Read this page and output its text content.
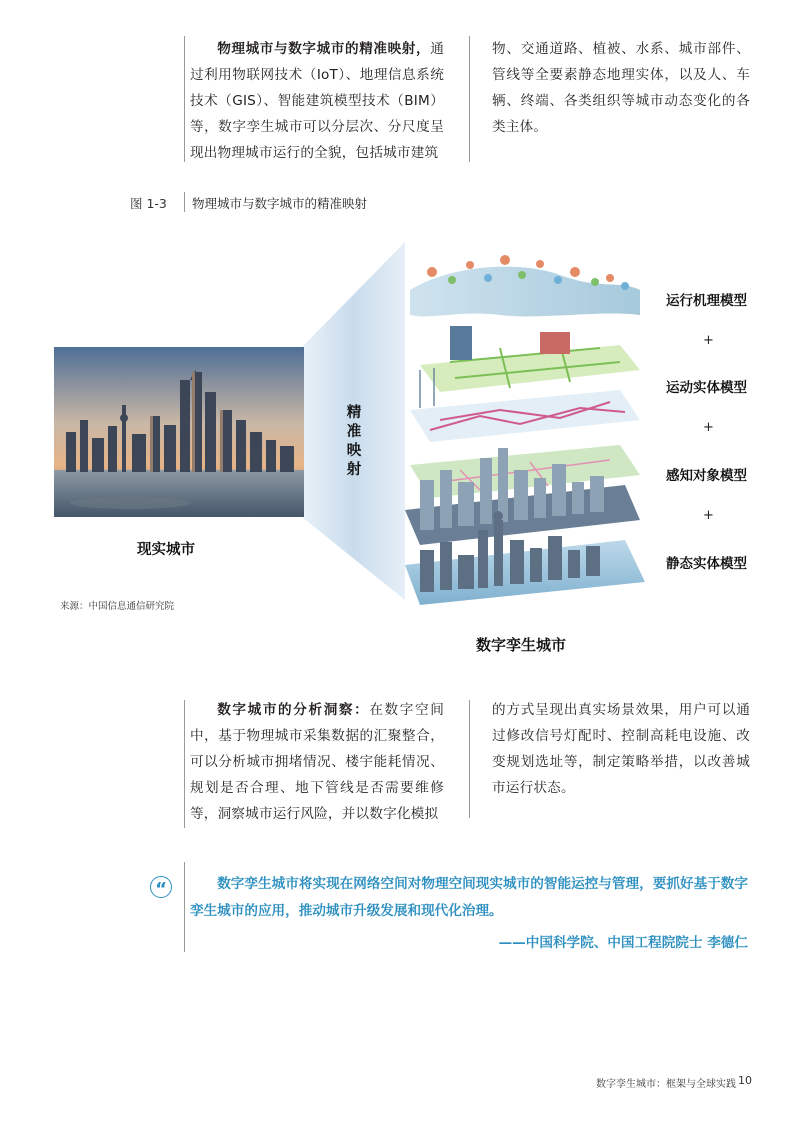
物理城市与数字城市的精准映射，通过利用物联网技术（IoT）、地理信息系统技术（GIS）、智能建筑模型技术（BIM）等，数字孪生城市可以分层次、分尺度呈现出物理城市运行的全貌，包括城市建筑
物、交通道路、植被、水系、城市部件、管线等全要素静态地理实体，以及人、车辆、终端、各类组织等城市动态变化的各类主体。
图 1-3 物理城市与数字城市的精准映射
精
准
映
射
现实城市
运行机理模型
+
运动实体模型
+
感知对象模型
+
静态实体模型
来源：中国信息通信研究院
数字孪生城市
数字城市的分析洞察：在数字空间中，基于物理城市采集数据的汇聚整合，可以分析城市拥堵情况、楼宇能耗情况、规划是否合理、地下管线是否需要维修等，洞察城市运行风险，并以数字化模拟
的方式呈现出真实场景效果，用户可以通过修改信号灯配时、控制高耗电设施、改变规划选址等，制定策略举措，以改善城市运行状态。
“	数字孪生城市将实现在网络空间对物理空间现实城市的智能运控与管理，要抓好基于数字孪生城市的应用，推动城市升级发展和现代化治理。
——中国科学院、中国工程院院士 李德仁
数字孪生城市：框架与全球实践 10
